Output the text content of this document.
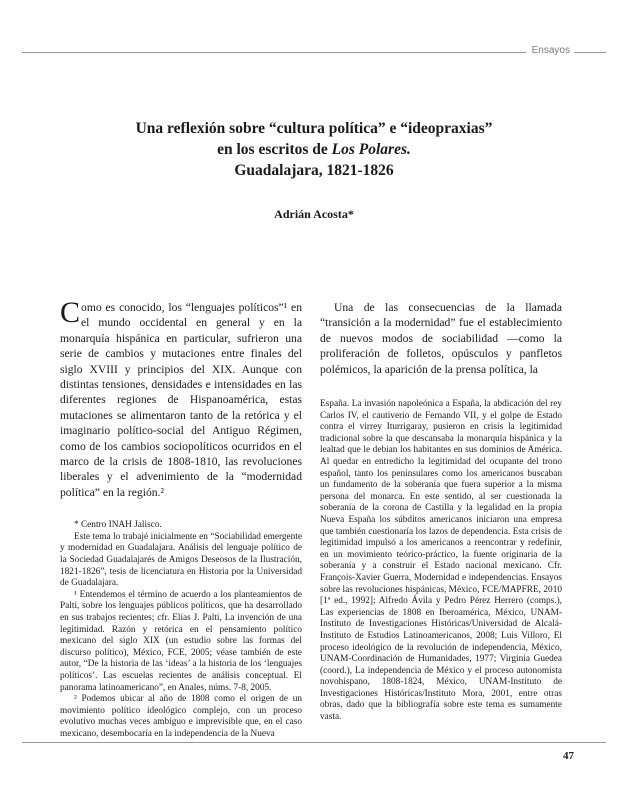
Ensayos
Una reflexión sobre “cultura política” e “ideopraxias”
en los escritos de Los Polares.
Guadalajara, 1821-1826
Adrián Acosta*

Como es conocido, los “lenguajes políticos”¹ en el mundo occidental en general y en la monarquía hispánica en particular, sufrieron una serie de cambios y mutaciones entre finales del siglo XVIII y principios del XIX. Aunque con distintas tensiones, densidades e intensidades en las diferentes regiones de Hispanoamérica, estas mutaciones se alimentaron tanto de la retórica y el imaginario político-social del Antiguo Régimen, como de los cambios sociopolíticos ocurridos en el marco de la crisis de 1808-1810, las revoluciones liberales y el advenimiento de la “modernidad política” en la región.²

* Centro INAH Jalisco.

Este tema lo trabajé inicialmente en “Sociabilidad emergente y modernidad en Guadalajara. Análisis del lenguaje político de la Sociedad Guadalajarés de Amigos Deseosos de la Ilustración, 1821-1826”, tesis de licenciatura en Historia por la Universidad de Guadalajara.

¹ Entendemos el término de acuerdo a los planteamientos de Palti, sobre los lenguajes públicos políticos, que ha desarrollado en sus trabajos recientes; cfr. Elías J. Palti, La invención de una legitimidad. Razón y retórica en el pensamiento político mexicano del siglo XIX (un estudio sobre las formas del discurso político), México, FCE, 2005; véase también de este autor, “De la historia de las ‘ideas’ a la historia de los ‘lenguajes políticos’. Las escuelas recientes de análisis conceptual. El panorama latinoamericano”, en Anales, núms. 7-8, 2005.

² Podemos ubicar al año de 1808 como el origen de un movimiento político ideológico complejo, con un proceso evolutivo muchas veces ambiguo e imprevisible que, en el caso mexicano, desembocaría en la independencia de la Nueva

Una de las consecuencias de la llamada “transición a la modernidad” fue el establecimiento de nuevos modos de sociabilidad —como la proliferación de folletos, opúsculos y panfletos polémicos, la aparición de la prensa política, la

España. La invasión napoleónica a España, la abdicación del rey Carlos IV, el cautiverio de Fernando VII, y el golpe de Estado contra el virrey Iturrigaray, pusieron en crisis la legitimidad tradicional sobre la que descansaba la monarquía hispánica y la lealtad que le debían los habitantes en sus dominios de América. Al quedar en entredicho la legitimidad del ocupante del trono español, tanto los peninsulares como los americanos buscaban un fundamento de la soberanía que fuera superior a la misma persona del monarca. En este sentido, al ser cuestionada la soberanía de la corona de Castilla y la legalidad en la propia Nueva España los súbditos americanos iniciaron una empresa que también cuestionaría los lazos de dependencia. Esta crisis de legitimidad impulsó a los americanos a reencontrar y redefinir, en un movimiento teórico-práctico, la fuente originaria de la soberanía y a construir el Estado nacional mexicano. Cfr. François-Xavier Guerra, Modernidad e independencias. Ensayos sobre las revoluciones hispánicas, México, FCE/MAPFRE, 2010 [1ª ed., 1992]; Alfredo Ávila y Pedro Pérez Herrero (comps.), Las experiencias de 1808 en Iberoamérica, México, UNAM-Instituto de Investigaciones Históricas/Universidad de Alcalá-Instituto de Estudios Latinoamericanos, 2008; Luis Villoro, El proceso ideológico de la revolución de independencia, México, UNAM-Coordinación de Humanidades, 1977; Virginia Guedea (coord.), La independencia de México y el proceso autonomista novohispano, 1808-1824, México, UNAM-Instituto de Investigaciones Históricas/Instituto Mora, 2001, entre otras obras, dado que la bibliografía sobre este tema es sumamente vasta.

47
